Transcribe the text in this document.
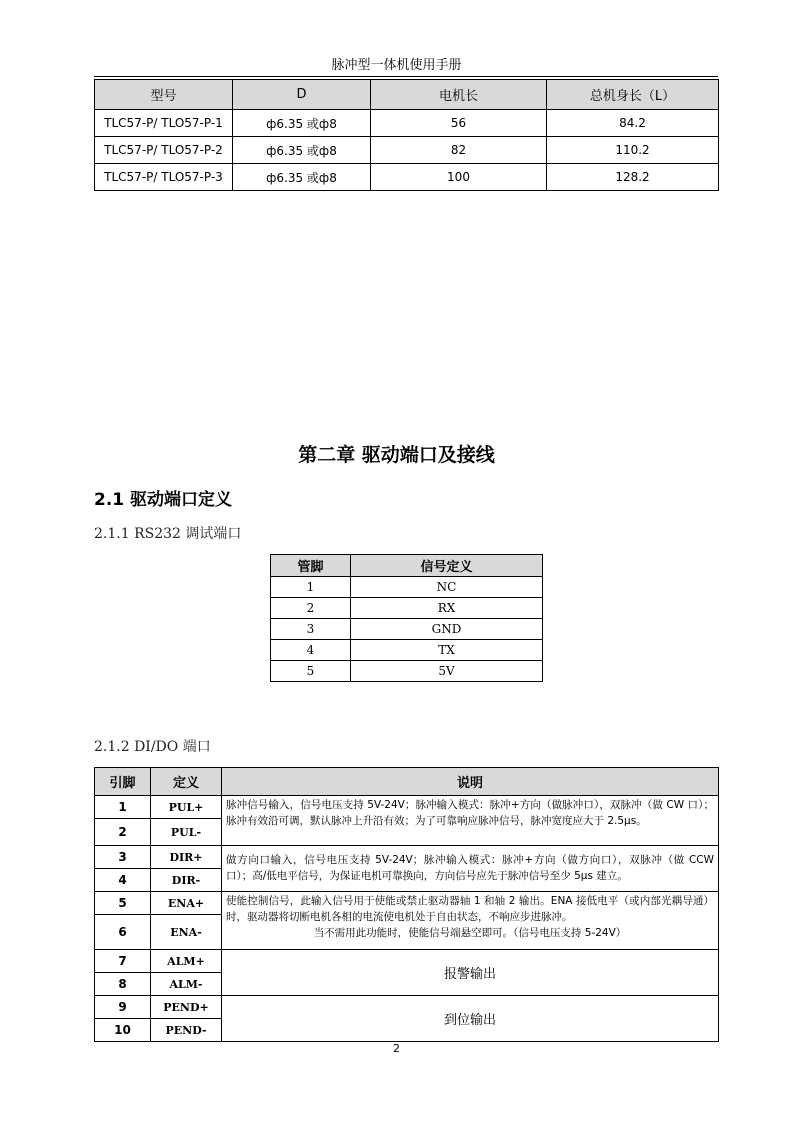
脉冲型一体机使用手册
型号	D	电机长	总机身长（L）
TLC57-P/ TLO57-P-1	ф6.35 或ф8	56	84.2
TLC57-P/ TLO57-P-2	ф6.35 或ф8	82	110.2
TLC57-P/ TLO57-P-3	ф6.35 或ф8	100	128.2
第二章 驱动端口及接线
2.1 驱动端口定义
2.1.1 RS232 调试端口
管脚	信号定义
1	NC
2	RX
3	GND
4	TX
5	5V
2.1.2 DI/DO 端口
引脚	定义	说明
1	PUL+	脉冲信号输入，信号电压支持 5V-24V；脉冲输入模式：脉冲+方向（做脉冲口），双脉冲（做 CW 口）；脉冲有效沿可调，默认脉冲上升沿有效；为了可靠响应脉冲信号，脉冲宽度应大于 2.5μs。
2	PUL-	
3	DIR+	做方向口输入，信号电压支持 5V-24V；脉冲输入模式：脉冲+方向（做方向口），双脉冲（做 CCW 口）；高/低电平信号，为保证电机可靠换向，方向信号应先于脉冲信号至少 5μs 建立。
4	DIR-	
5	ENA+	使能控制信号，此输入信号用于使能或禁止驱动器轴 1 和轴 2 输出。ENA 接低电平（或内部光耦导通）时，驱动器将切断电机各相的电流使电机处于自由状态，不响应步进脉冲。
当不需用此功能时，使能信号端悬空即可。（信号电压支持 5-24V）

6	ENA-	
7	ALM+	报警输出
8	ALM-	
9	PEND+	到位输出
10	PEND-	
2
